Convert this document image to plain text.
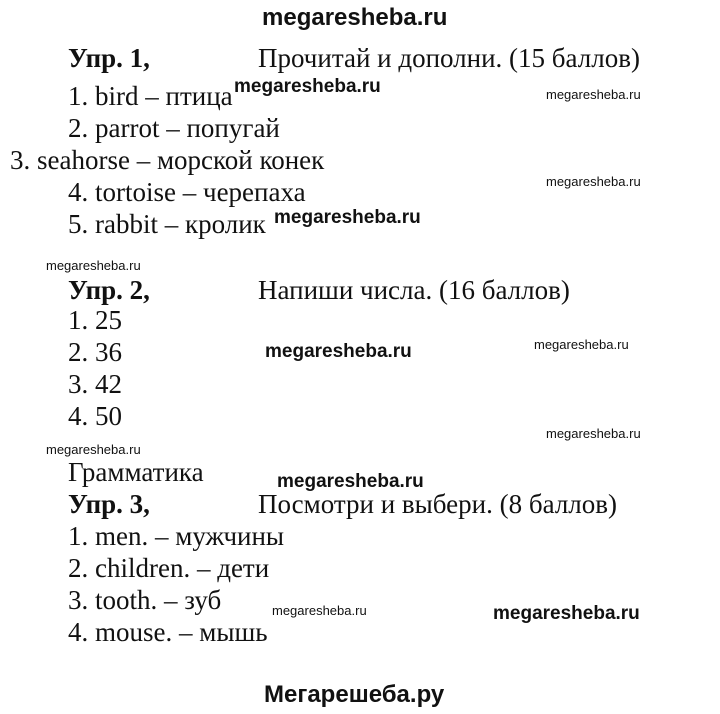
megaresheba.ru
Упр. 1,	Прочитай и дополни. (15 баллов)
1. bird – птица
2. parrot – попугай
3. seahorse – морской конек
4. tortoise – черепаха
5. rabbit – кролик
Упр. 2,	Напиши числа. (16 баллов)
1. 25
2. 36
3. 42
4. 50
Грамматика
Упр. 3,	Посмотри и выбери. (8 баллов)
1. men. – мужчины
2. children. – дети
3. tooth. – зуб
4. mouse. – мышь
megaresheba.ru
megaresheba.ru
megaresheba.ru
megaresheba.ru
megaresheba.ru
megaresheba.ru
megaresheba.ru
megaresheba.ru
megaresheba.ru
megaresheba.ru
megaresheba.ru
megaresheba.ru
Мегарешеба.ру
